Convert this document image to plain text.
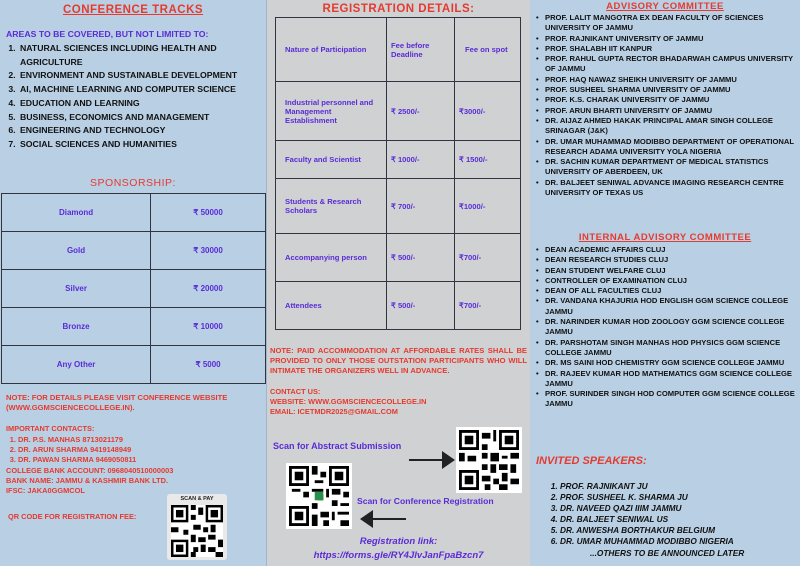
CONFERENCE TRACKS
AREAS TO BE COVERED, BUT NOT LIMITED TO:
1. NATURAL SCIENCES INCLUDING HEALTH AND AGRICULTURE
2. ENVIRONMENT AND SUSTAINABLE DEVELOPMENT
3. AI, MACHINE LEARNING AND COMPUTER SCIENCE
4. EDUCATION AND LEARNING
5. BUSINESS, ECONOMICS AND MANAGEMENT
6. ENGINEERING AND TECHNOLOGY
7. SOCIAL SCIENCES AND HUMANITIES
SPONSORSHIP:
Diamond	₹ 50000
Gold	₹ 30000
Silver	₹ 20000
Bronze	₹ 10000
Any Other	₹ 5000
NOTE: FOR DETAILS PLEASE VISIT CONFERENCE WEBSITE (WWW.GGMSCIENCECOLLEGE.IN).
IMPORTANT CONTACTS:
1. DR. P.S. MANHAS 8713021179
2. DR. ARUN SHARMA 9419148949
3. DR. PAWAN SHARMA 9469050811
COLLEGE BANK ACCOUNT: 0968040510000003
BANK NAME: JAMMU & KASHMIR BANK LTD.
IFSC: JAKA0GGMCOL
QR CODE FOR REGISTRATION FEE:
SCAN & PAY
REGISTRATION DETAILS:
Nature of Participation	Fee before Deadline	Fee on spot
Industrial personnel and Management Establishment	₹ 2500/-	₹3000/-
Faculty and Scientist	₹ 1000/-	₹ 1500/-
Students & Research Scholars	₹ 700/-	₹1000/-
Accompanying person	₹ 500/-	₹700/-
Attendees	₹ 500/-	₹700/-
NOTE: PAID ACCOMMODATION AT AFFORDABLE RATES SHALL BE PROVIDED TO ONLY THOSE OUTSTATION PARTICIPANTS WHO WILL INTIMATE THE ORGANIZERS WELL IN ADVANCE.
CONTACT US:
WEBSITE: WWW.GGMSCIENCECOLLEGE.IN
EMAIL: ICETMDR2025@GMAIL.COM
Scan for Abstract Submission
Scan for Conference Registration
Registration link:
https://forms.gle/RY4JlvJanFpaBzcn7
ADVISORY COMMITTEE
• PROF. LALIT MANGOTRA EX DEAN FACULTY OF SCIENCES UNIVERSITY OF JAMMU
• PROF. RAJNIKANT UNIVERSITY OF JAMMU
• PROF. SHALABH IIT KANPUR
• PROF. RAHUL GUPTA RECTOR BHADARWAH CAMPUS UNIVERSITY OF JAMMU
• PROF. HAQ NAWAZ SHEIKH UNIVERSITY OF JAMMU
• PROF. SUSHEEL SHARMA UNIVERSITY OF JAMMU
• PROF. K.S. CHARAK UNIVERSITY OF JAMMU
• PROF. ARUN BHARTI UNIVERSITY OF JAMMU
• DR. AIJAZ AHMED HAKAK PRINCIPAL AMAR SINGH COLLEGE SRINAGAR (J&K)
• DR. UMAR MUHAMMAD MODIBBO DEPARTMENT OF OPERATIONAL RESEARCH ADAMA UNIVERSITY YOLA NIGERIA
• DR. SACHIN KUMAR DEPARTMENT OF MEDICAL STATISTICS UNIVERSITY OF ABERDEEN, UK
• DR. BALJEET SENIWAL ADVANCE IMAGING RESEARCH CENTRE UNIVERSITY OF TEXAS US
INTERNAL ADVISORY COMMITTEE
• DEAN ACADEMIC AFFAIRS CLUJ
• DEAN RESEARCH STUDIES CLUJ
• DEAN STUDENT WELFARE CLUJ
• CONTROLLER OF EXAMINATION CLUJ
• DEAN OF ALL FACULTIES CLUJ
• DR. VANDANA KHAJURIA HOD ENGLISH GGM SCIENCE COLLEGE JAMMU
• DR. NARINDER KUMAR HOD ZOOLOGY GGM SCIENCE COLLEGE JAMMU
• DR. PARSHOTAM SINGH MANHAS HOD PHYSICS GGM SCIENCE COLLEGE JAMMU
• DR. MS SAINI HOD CHEMISTRY GGM SCIENCE COLLEGE JAMMU
• DR. RAJEEV KUMAR HOD MATHEMATICS GGM SCIENCE COLLEGE JAMMU
• PROF. SURINDER SINGH HOD COMPUTER GGM SCIENCE COLLEGE JAMMU
INVITED SPEAKERS:
1. PROF. RAJNIKANT JU
2. PROF. SUSHEEL K. SHARMA JU
3. DR. NAVEED QAZI IIIM JAMMU
4. DR. BALJEET SENIWAL US
5. DR. ANWESHA BORTHAKUR BELGIUM
6. DR. UMAR MUHAMMAD MODIBBO NIGERIA
...OTHERS TO BE ANNOUNCED LATER
